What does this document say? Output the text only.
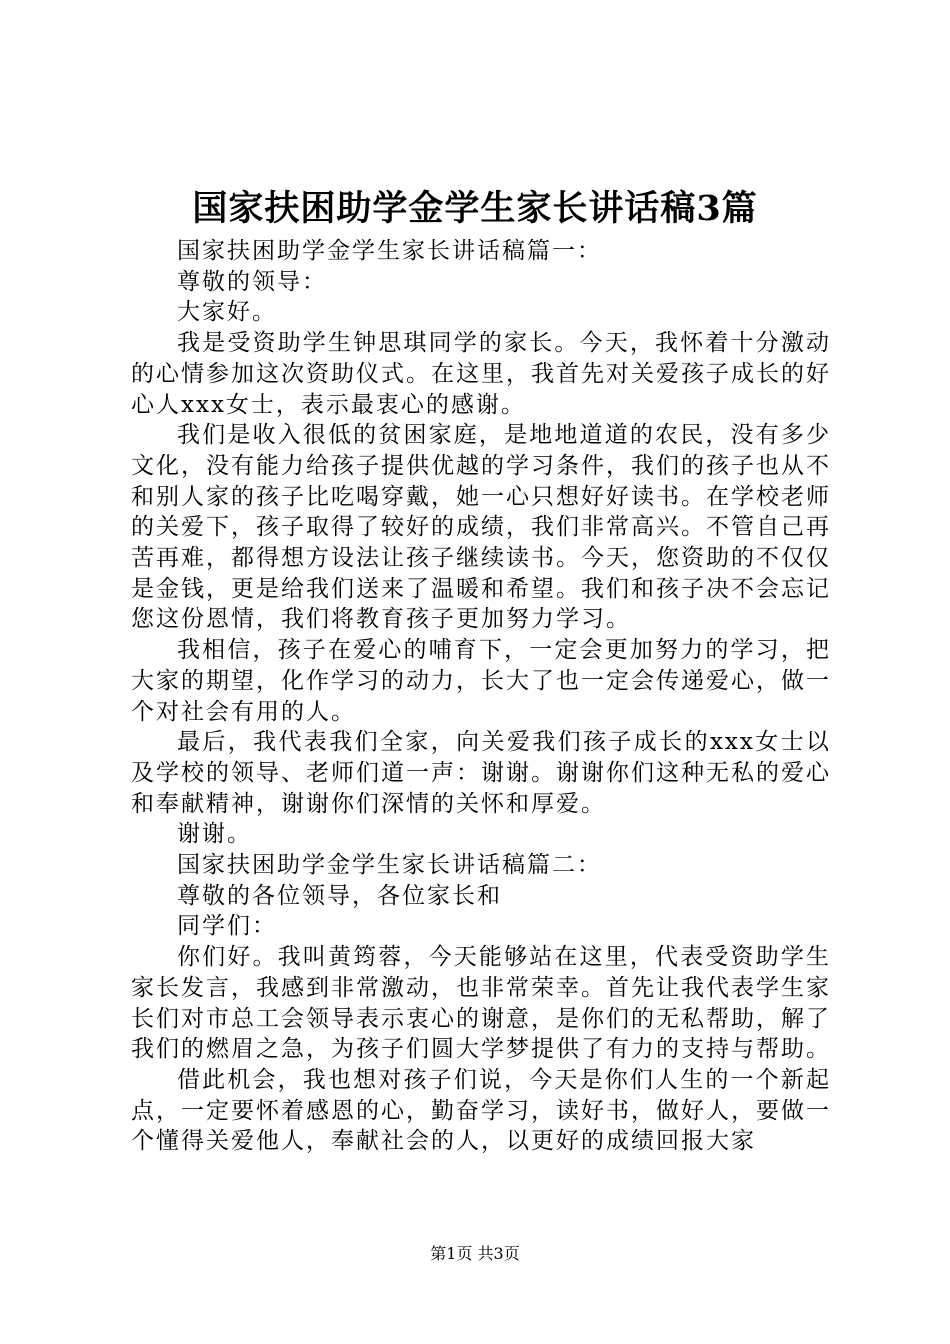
国家扶困助学金学生家长讲话稿3篇

国家扶困助学金学生家长讲话稿篇一：

尊敬的领导：

大家好。

我是受资助学生钟思琪同学的家长。今天，我怀着十分激动的心情参加这次资助仪式。在这里，我首先对关爱孩子成长的好心人xxx女士，表示最衷心的感谢。

我们是收入很低的贫困家庭，是地地道道的农民，没有多少文化，没有能力给孩子提供优越的学习条件，我们的孩子也从不和别人家的孩子比吃喝穿戴，她一心只想好好读书。在学校老师的关爱下，孩子取得了较好的成绩，我们非常高兴。不管自己再苦再难，都得想方设法让孩子继续读书。今天，您资助的不仅仅是金钱，更是给我们送来了温暖和希望。我们和孩子决不会忘记您这份恩情，我们将教育孩子更加努力学习。

我相信，孩子在爱心的哺育下，一定会更加努力的学习，把大家的期望，化作学习的动力，长大了也一定会传递爱心，做一个对社会有用的人。

最后，我代表我们全家，向关爱我们孩子成长的xxx女士以及学校的领导、老师们道一声：谢谢。谢谢你们这种无私的爱心和奉献精神，谢谢你们深情的关怀和厚爱。

谢谢。

国家扶困助学金学生家长讲话稿篇二：

尊敬的各位领导，各位家长和

同学们：

你们好。我叫黄筠蓉，今天能够站在这里，代表受资助学生家长发言，我感到非常激动，也非常荣幸。首先让我代表学生家长们对市总工会领导表示衷心的谢意，是你们的无私帮助，解了我们的燃眉之急，为孩子们圆大学梦提供了有力的支持与帮助。

借此机会，我也想对孩子们说，今天是你们人生的一个新起点，一定要怀着感恩的心，勤奋学习，读好书，做好人，要做一个懂得关爱他人，奉献社会的人，以更好的成绩回报大家

第1页 共3页
